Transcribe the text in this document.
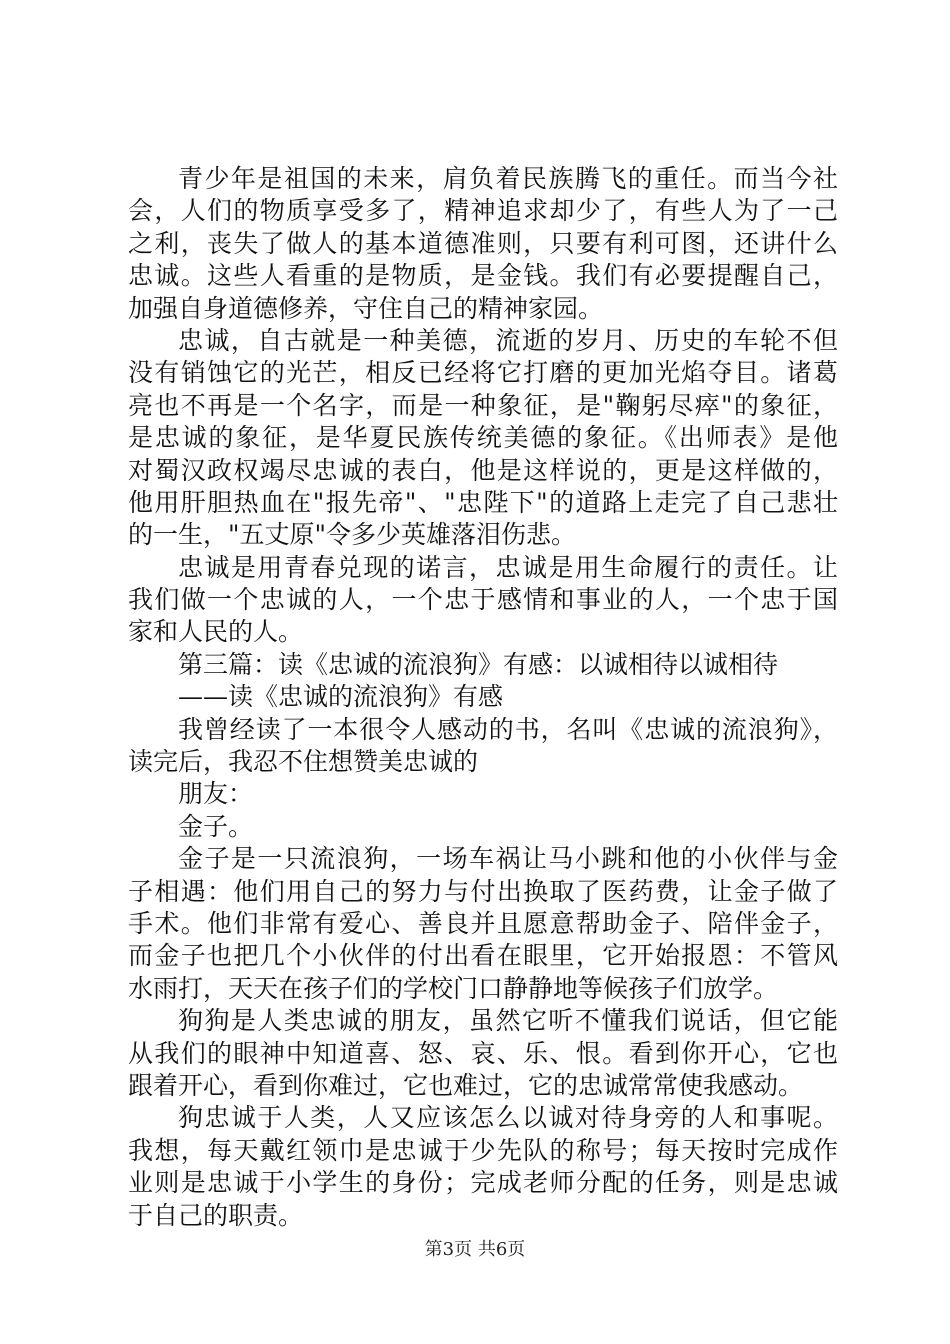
青少年是祖国的未来，肩负着民族腾飞的重任。而当今社
会，人们的物质享受多了，精神追求却少了，有些人为了一己
之利，丧失了做人的基本道德准则，只要有利可图，还讲什么
忠诚。这些人看重的是物质，是金钱。我们有必要提醒自己，
加强自身道德修养，守住自己的精神家园。
忠诚，自古就是一种美德，流逝的岁月、历史的车轮不但
没有销蚀它的光芒，相反已经将它打磨的更加光焰夺目。诸葛
亮也不再是一个名字，而是一种象征，是"鞠躬尽瘁"的象征，
是忠诚的象征，是华夏民族传统美德的象征。《出师表》是他
对蜀汉政权竭尽忠诚的表白，他是这样说的，更是这样做的，
他用肝胆热血在"报先帝"、"忠陛下"的道路上走完了自己悲壮
的一生，"五丈原"令多少英雄落泪伤悲。
忠诚是用青春兑现的诺言，忠诚是用生命履行的责任。让
我们做一个忠诚的人，一个忠于感情和事业的人，一个忠于国
家和人民的人。
第三篇：读《忠诚的流浪狗》有感：以诚相待以诚相待
——读《忠诚的流浪狗》有感
我曾经读了一本很令人感动的书，名叫《忠诚的流浪狗》，
读完后，我忍不住想赞美忠诚的
朋友：
金子。
金子是一只流浪狗，一场车祸让马小跳和他的小伙伴与金
子相遇：他们用自己的努力与付出换取了医药费，让金子做了
手术。他们非常有爱心、善良并且愿意帮助金子、陪伴金子，
而金子也把几个小伙伴的付出看在眼里，它开始报恩：不管风
水雨打，天天在孩子们的学校门口静静地等候孩子们放学。
狗狗是人类忠诚的朋友，虽然它听不懂我们说话，但它能
从我们的眼神中知道喜、怒、哀、乐、恨。看到你开心，它也
跟着开心，看到你难过，它也难过，它的忠诚常常使我感动。
狗忠诚于人类，人又应该怎么以诚对待身旁的人和事呢。
我想，每天戴红领巾是忠诚于少先队的称号；每天按时完成作
业则是忠诚于小学生的身份；完成老师分配的任务，则是忠诚
于自己的职责。
第3页 共6页
